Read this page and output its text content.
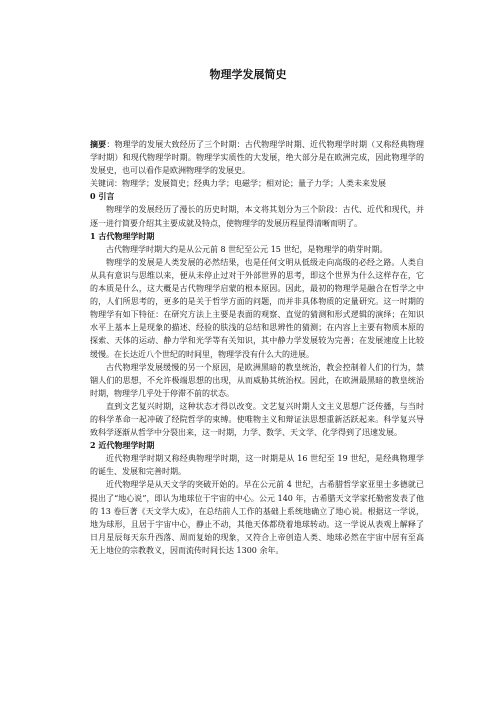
物理学发展简史

摘要：物理学的发展大致经历了三个时期：古代物理学时期、近代物理学时期（又称经典物理学时期）和现代物理学时期。物理学实质性的大发展，绝大部分是在欧洲完成，因此物理学的发展史，也可以看作是欧洲物理学的发展史。

关键词：物理学；发展简史；经典力学；电磁学；相对论；量子力学；人类未来发展

0 引言

物理学的发展经历了漫长的历史时期，本文将其划分为三个阶段：古代、近代和现代，并逐一进行简要介绍其主要成就及特点，使物理学的发展历程显得清晰而明了。

1 古代物理学时期

古代物理学时期大约是从公元前 8 世纪至公元 15 世纪，是物理学的萌芽时期。

物理学的发展是人类发展的必然结果，也是任何文明从低级走向高级的必经之路。人类自从具有意识与思维以来，便从未停止过对于外部世界的思考，即这个世界为什么这样存在，它的本质是什么，这大概是古代物理学启蒙的根本原因。因此，最初的物理学是融合在哲学之中的，人们所思考的，更多的是关于哲学方面的问题，而并非具体物质的定量研究。这一时期的物理学有如下特征：在研究方法上主要是表面的观察、直觉的猜测和形式逻辑的演绎；在知识水平上基本上是现象的描述、经验的肤浅的总结和思辨性的猜测；在内容上主要有物质本原的探索、天体的运动、静力学和光学等有关知识，其中静力学发展较为完善；在发展速度上比较缓慢。在长达近八个世纪的时间里，物理学没有什么大的进展。

古代物理学发展缓慢的另一个原因，是欧洲黑暗的教皇统治，教会控制着人们的行为，禁锢人们的思想，不允许极端思想的出现，从而威胁其统治权。因此，在欧洲最黑暗的教皇统治时期，物理学几乎处于停滞不前的状态。

直到文艺复兴时期，这种状态才得以改变。文艺复兴时期人文主义思想广泛传播，与当时的科学革命一起冲破了经院哲学的束缚。使唯物主义和辩证法思想重新活跃起来。科学复兴导致科学逐渐从哲学中分裂出来，这一时期，力学、数学、天文学、化学得到了迅速发展。

2 近代物理学时期

近代物理学时期又称经典物理学时期，这一时期是从 16 世纪至 19 世纪，是经典物理学的诞生、发展和完善时期。

近代物理学是从天文学的突破开始的。早在公元前 4 世纪，古希腊哲学家亚里士多德就已提出了“地心说”，即认为地球位于宇宙的中心。公元 140 年，古希腊天文学家托勒密发表了他的 13 卷巨著《天文学大成》，在总结前人工作的基础上系统地确立了地心说。根据这一学说，地为球形，且居于宇宙中心，静止不动，其他天体都绕着地球转动。这一学说从表观上解释了日月星辰每天东升西落、周而复始的现象，又符合上帝创造人类、地球必然在宇宙中居有至高无上地位的宗教教义，因而流传时间长达 1300 余年。
